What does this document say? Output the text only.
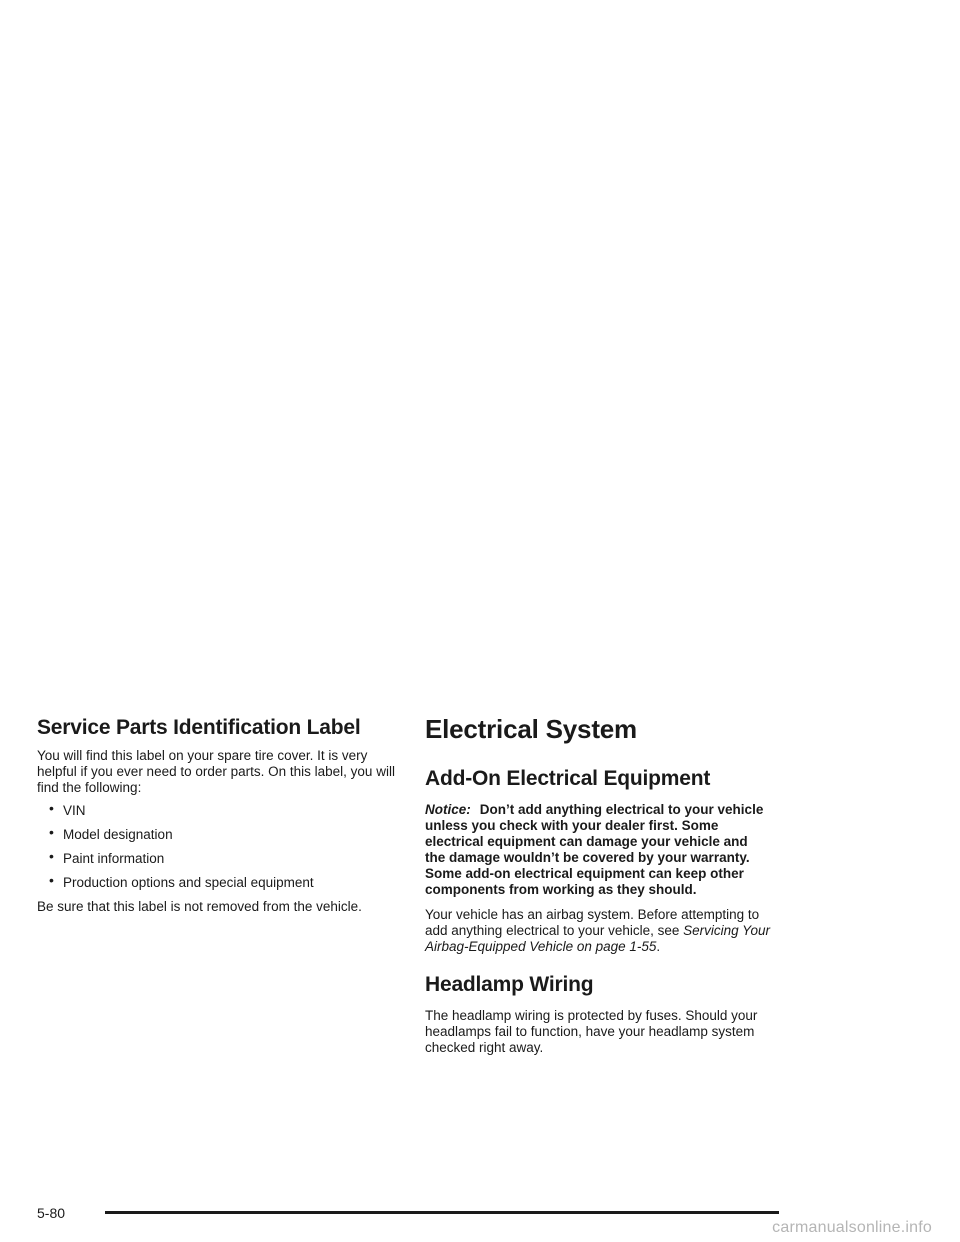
Service Parts Identification Label

You will find this label on your spare tire cover. It is very helpful if you ever need to order parts. On this label, you will find the following:

• VIN
• Model designation
• Paint information
• Production options and special equipment

Be sure that this label is not removed from the vehicle.

Electrical System
Add-On Electrical Equipment

Notice: Don’t add anything electrical to your vehicle unless you check with your dealer first. Some electrical equipment can damage your vehicle and the damage wouldn’t be covered by your warranty. Some add-on electrical equipment can keep other components from working as they should.

Your vehicle has an airbag system. Before attempting to add anything electrical to your vehicle, see Servicing Your Airbag-Equipped Vehicle on page 1-55.

Headlamp Wiring

The headlamp wiring is protected by fuses. Should your headlamps fail to function, have your headlamp system checked right away.

5-80
carmanualsonline.info
